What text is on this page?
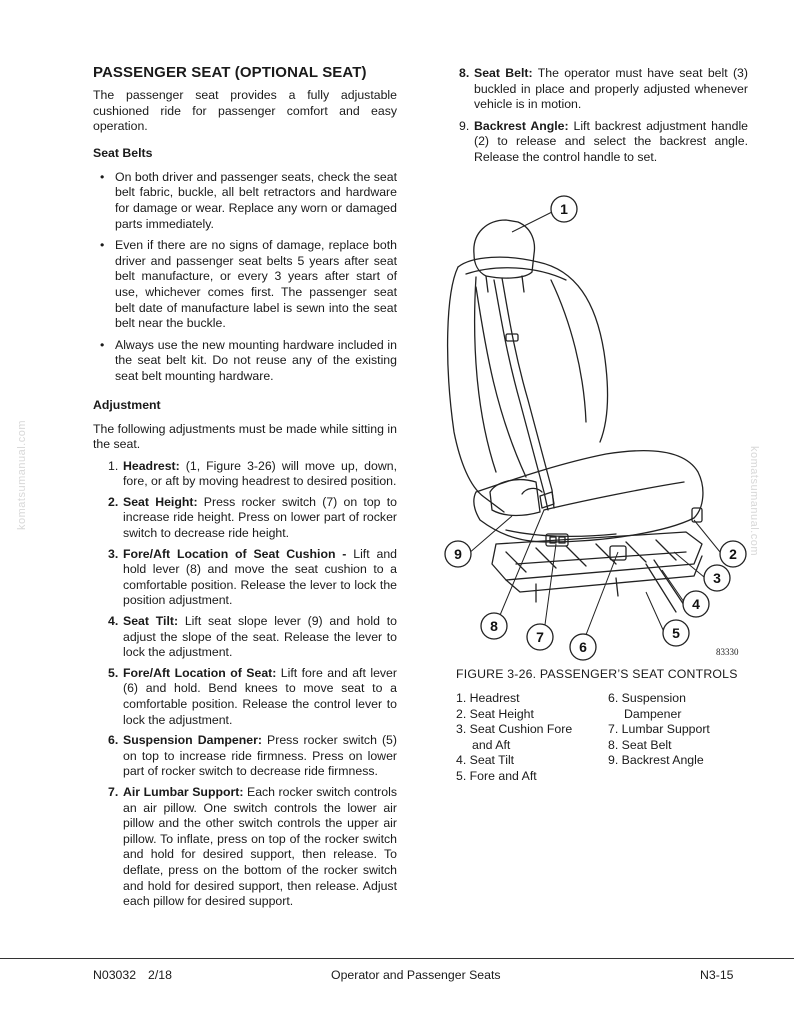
PASSENGER SEAT (OPTIONAL SEAT)

The passenger seat provides a fully adjustable cushioned ride for passenger comfort and easy operation.

Seat Belts
• On both driver and passenger seats, check the seat belt fabric, buckle, all belt retractors and hardware for damage or wear. Replace any worn or damaged parts immediately.
• Even if there are no signs of damage, replace both driver and passenger seat belts 5 years after seat belt manufacture, or every 3 years after start of use, whichever comes first. The passenger seat belt date of manufacture label is sewn into the seat belt near the buckle.
• Always use the new mounting hardware included in the seat belt kit. Do not reuse any of the existing seat belt mounting hardware.
Adjustment

The following adjustments must be made while sitting in the seat.

1. Headrest: (1, Figure 3-26) will move up, down, fore, or aft by moving headrest to desired position.
2. Seat Height: Press rocker switch (7) on top to increase ride height. Press on lower part of rocker switch to decrease ride height.
3. Fore/Aft Location of Seat Cushion - Lift and hold lever (8) and move the seat cushion to a comfortable position. Release the lever to lock the position adjustment.
4. Seat Tilt: Lift seat slope lever (9) and hold to adjust the slope of the seat. Release the lever to lock the adjustment.
5. Fore/Aft Location of Seat: Lift fore and aft lever (6) and hold. Bend knees to move seat to a comfortable position. Release the control lever to lock the adjustment.
6. Suspension Dampener: Press rocker switch (5) on top to increase ride firmness. Press on lower part of rocker switch to decrease ride firmness.
7. Air Lumbar Support: Each rocker switch controls an air pillow. One switch controls the lower air pillow and the other switch controls the upper air pillow. To inflate, press on top of the rocker switch and hold for desired support, then release. To deflate, press on the bottom of the rocker switch and hold for desired support, then release. Adjust each pillow for desired support.
8. Seat Belt: The operator must have seat belt (3) buckled in place and properly adjusted whenever vehicle is in motion.
9. Backrest Angle: Lift backrest adjustment handle (2) to release and select the backrest angle. Release the control handle to set.
1
2
3
4
5
6
7
8
9
83330
FIGURE 3-26. PASSENGER’S SEAT CONTROLS
1. Headrest
2. Seat Height
3. Seat Cushion Fore
and Aft
4. Seat Tilt
5. Fore and Aft
6. Suspension
Dampener
7. Lumbar Support
8. Seat Belt
9. Backrest Angle
komatsumanual.com	komatsumanual.com
N03032 2/18	Operator and Passenger Seats	N3-15
